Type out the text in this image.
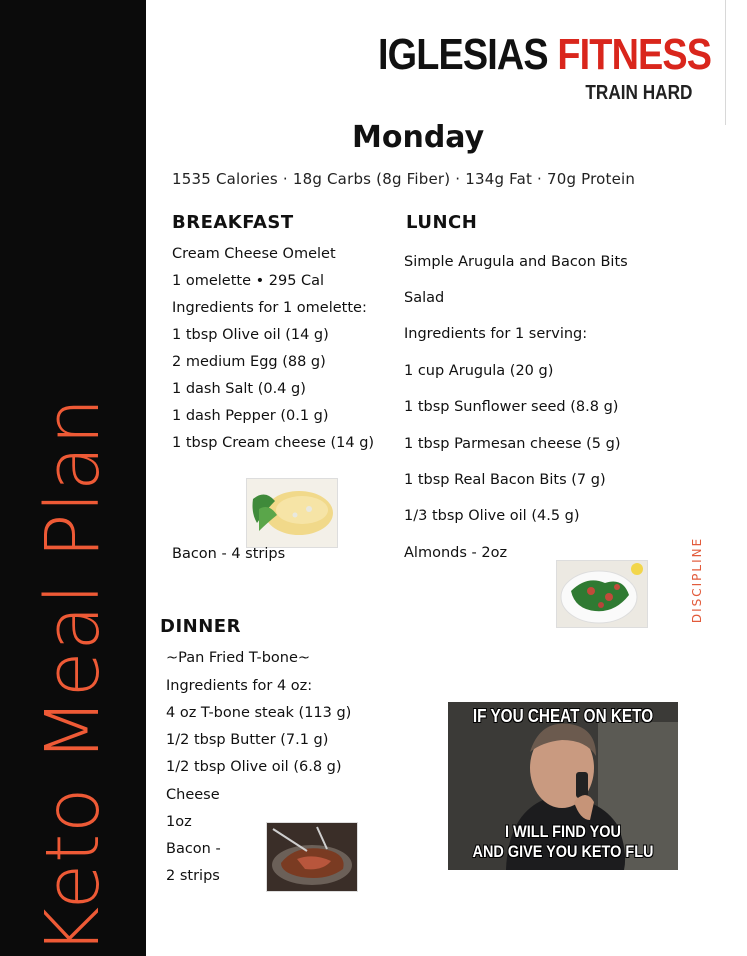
Keto Meal Plan
IGLESIAS FITNESS
TRAIN HARD
Monday
1535 Calories · 18g Carbs (8g Fiber) · 134g Fat · 70g Protein
BREAKFAST
Cream Cheese Omelet
1 omelette • 295 Cal
Ingredients for 1 omelette:
1 tbsp Olive oil (14 g)
2 medium Egg (88 g)
1 dash Salt (0.4 g)
1 dash Pepper (0.1 g)
1 tbsp Cream cheese (14 g)
Bacon - 4 strips
LUNCH
Simple Arugula and Bacon Bits
Salad
Ingredients for 1 serving:
1 cup Arugula (20 g)
1 tbsp Sunflower seed (8.8 g)
1 tbsp Parmesan cheese (5 g)
1 tbsp Real Bacon Bits (7 g)
1/3 tbsp Olive oil (4.5 g)
Almonds - 2oz	DISCIPLINE
DINNER
~Pan Fried T-bone~
Ingredients for 4 oz:
4 oz T-bone steak (113 g)
1/2 tbsp Butter (7.1 g)
1/2 tbsp Olive oil (6.8 g)
Cheese
1oz
Bacon -
2 strips
IF YOU CHEAT ON KETO
I WILL FIND YOU
AND GIVE YOU KETO FLU
